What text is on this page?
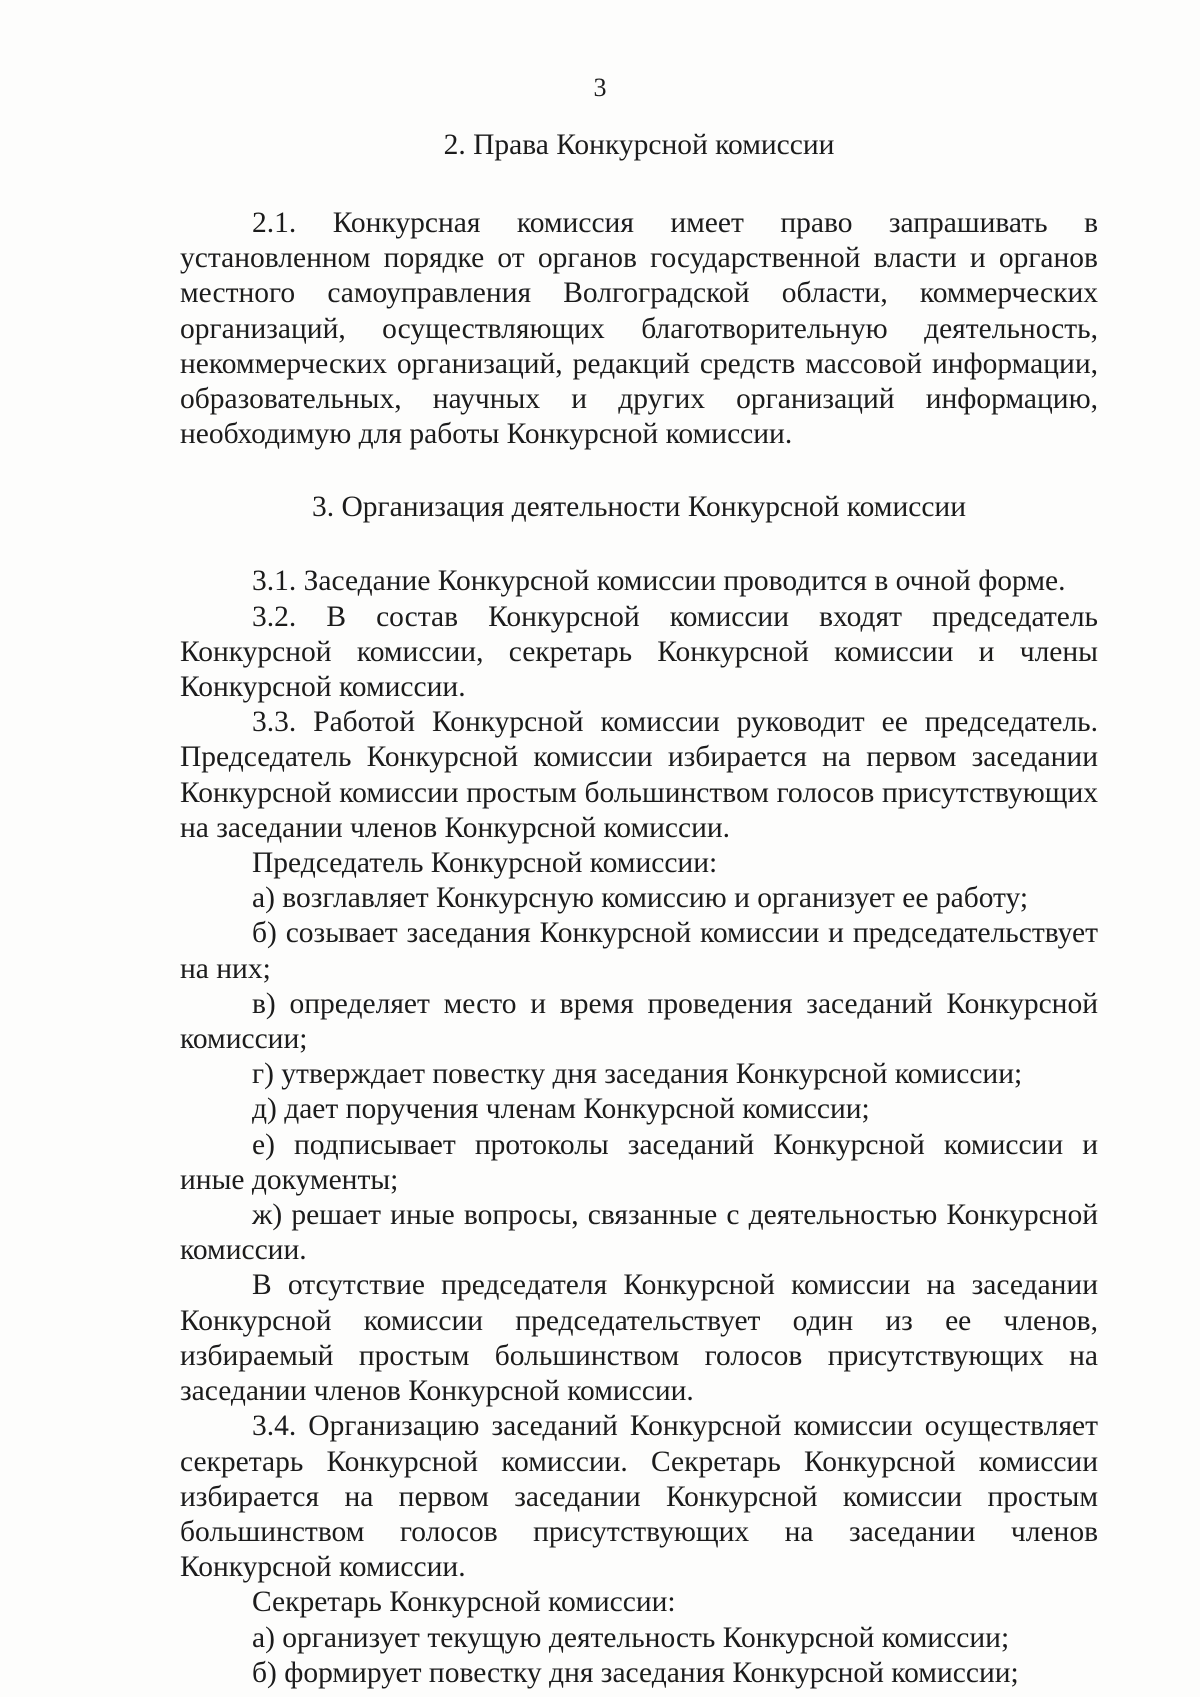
3
2. Права Конкурсной комиссии

2.1. Конкурсная комиссия имеет право запрашивать в установленном порядке от органов государственной власти и органов местного самоуправления Волгоградской области, коммерческих организаций, осуществляющих благотворительную деятельность, некоммерческих организаций, редакций средств массовой информации, образовательных, научных и других организаций информацию, необходимую для работы Конкурсной комиссии.

3. Организация деятельности Конкурсной комиссии

3.1. Заседание Конкурсной комиссии проводится в очной форме.

3.2. В состав Конкурсной комиссии входят председатель Конкурсной комиссии, секретарь Конкурсной комиссии и члены Конкурсной комиссии.

3.3. Работой Конкурсной комиссии руководит ее председатель. Председатель Конкурсной комиссии избирается на первом заседании Конкурсной комиссии простым большинством голосов присутствующих на заседании членов Конкурсной комиссии.

Председатель Конкурсной комиссии:

а) возглавляет Конкурсную комиссию и организует ее работу;

б) созывает заседания Конкурсной комиссии и председательствует на них;

в) определяет место и время проведения заседаний Конкурсной комиссии;

г) утверждает повестку дня заседания Конкурсной комиссии;

д) дает поручения членам Конкурсной комиссии;

е) подписывает протоколы заседаний Конкурсной комиссии и иные документы;

ж) решает иные вопросы, связанные с деятельностью Конкурсной комиссии.

В отсутствие председателя Конкурсной комиссии на заседании Конкурсной комиссии председательствует один из ее членов, избираемый простым большинством голосов присутствующих на заседании членов Конкурсной комиссии.

3.4. Организацию заседаний Конкурсной комиссии осуществляет секретарь Конкурсной комиссии. Секретарь Конкурсной комиссии избирается на первом заседании Конкурсной комиссии простым большинством голосов присутствующих на заседании членов Конкурсной комиссии.

Секретарь Конкурсной комиссии:

а) организует текущую деятельность Конкурсной комиссии;

б) формирует повестку дня заседания Конкурсной комиссии;
